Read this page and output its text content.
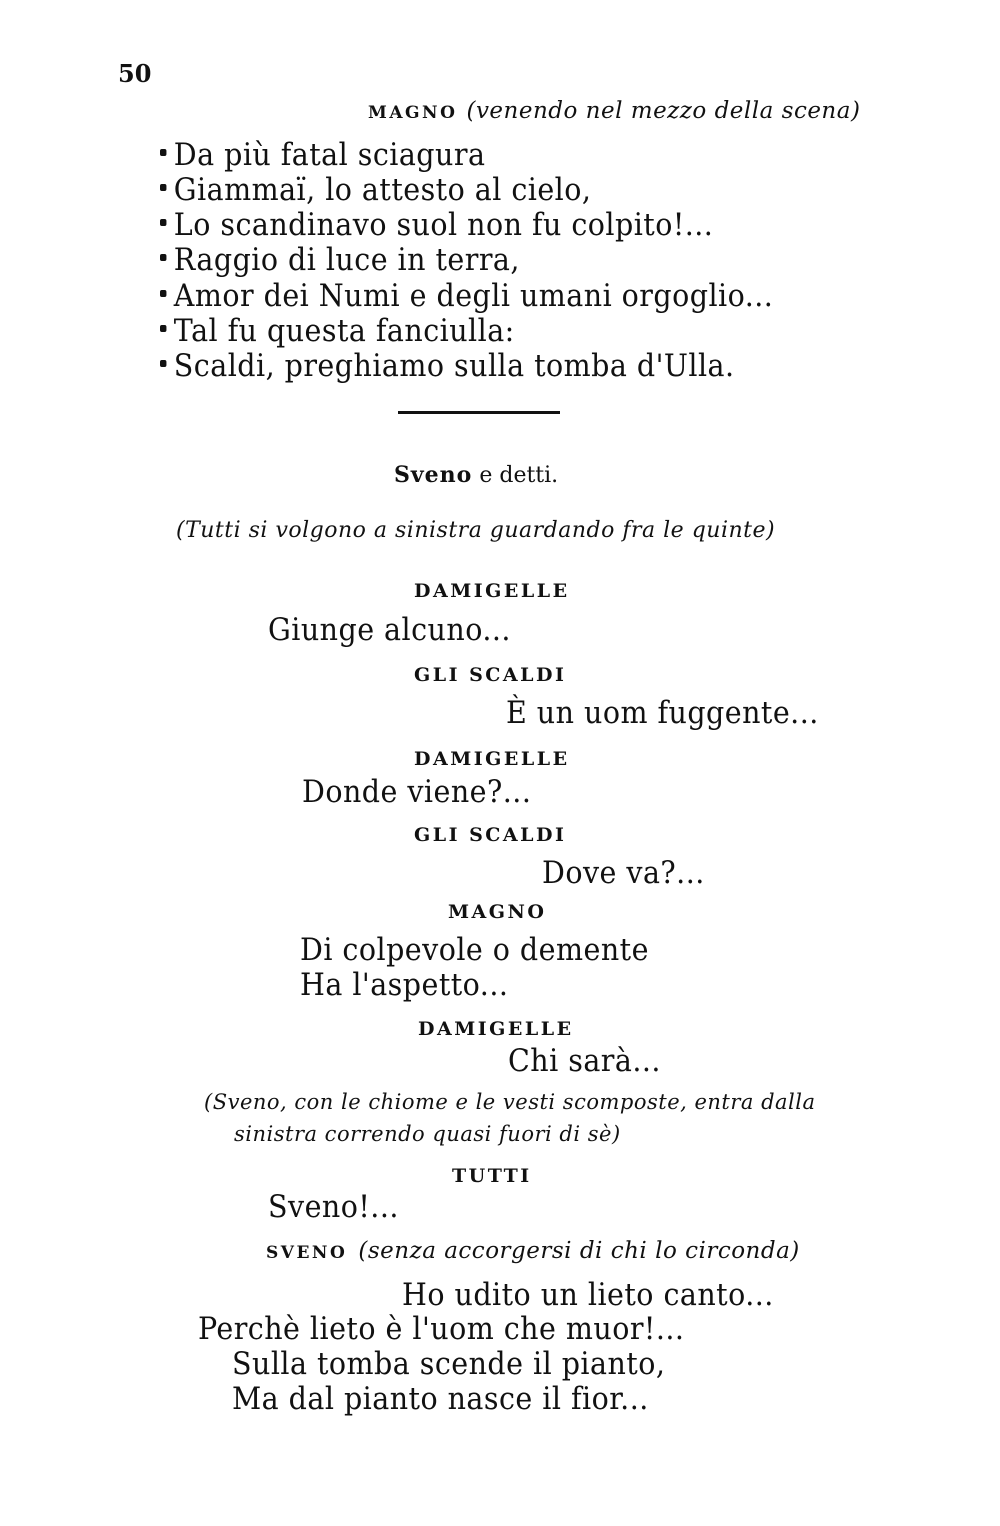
50
MAGNO (venendo nel mezzo della scena)
Da più fatal sciagura
Giammaï, lo attesto al cielo,
Lo scandinavo suol non fu colpito!...
Raggio di luce in terra,
Amor dei Numi e degli umani orgoglio...
Tal fu questa fanciulla:
Scaldi, preghiamo sulla tomba d'Ulla.
Sveno e detti.
(Tutti si volgono a sinistra guardando fra le quinte)
DAMIGELLE
Giunge alcuno...
GLI SCALDI
È un uom fuggente...
DAMIGELLE
Donde viene?...
GLI SCALDI
Dove va?...
MAGNO
Di colpevole o demente
Ha l'aspetto...
DAMIGELLE
Chi sarà...
(Sveno, con le chiome e le vesti scomposte, entra dalla
sinistra correndo quasi fuori di sè)
TUTTI
Sveno!...
SVENO (senza accorgersi di chi lo circonda)
Ho udito un lieto canto...
Perchè lieto è l'uom che muor!...
Sulla tomba scende il pianto,
Ma dal pianto nasce il fior...
